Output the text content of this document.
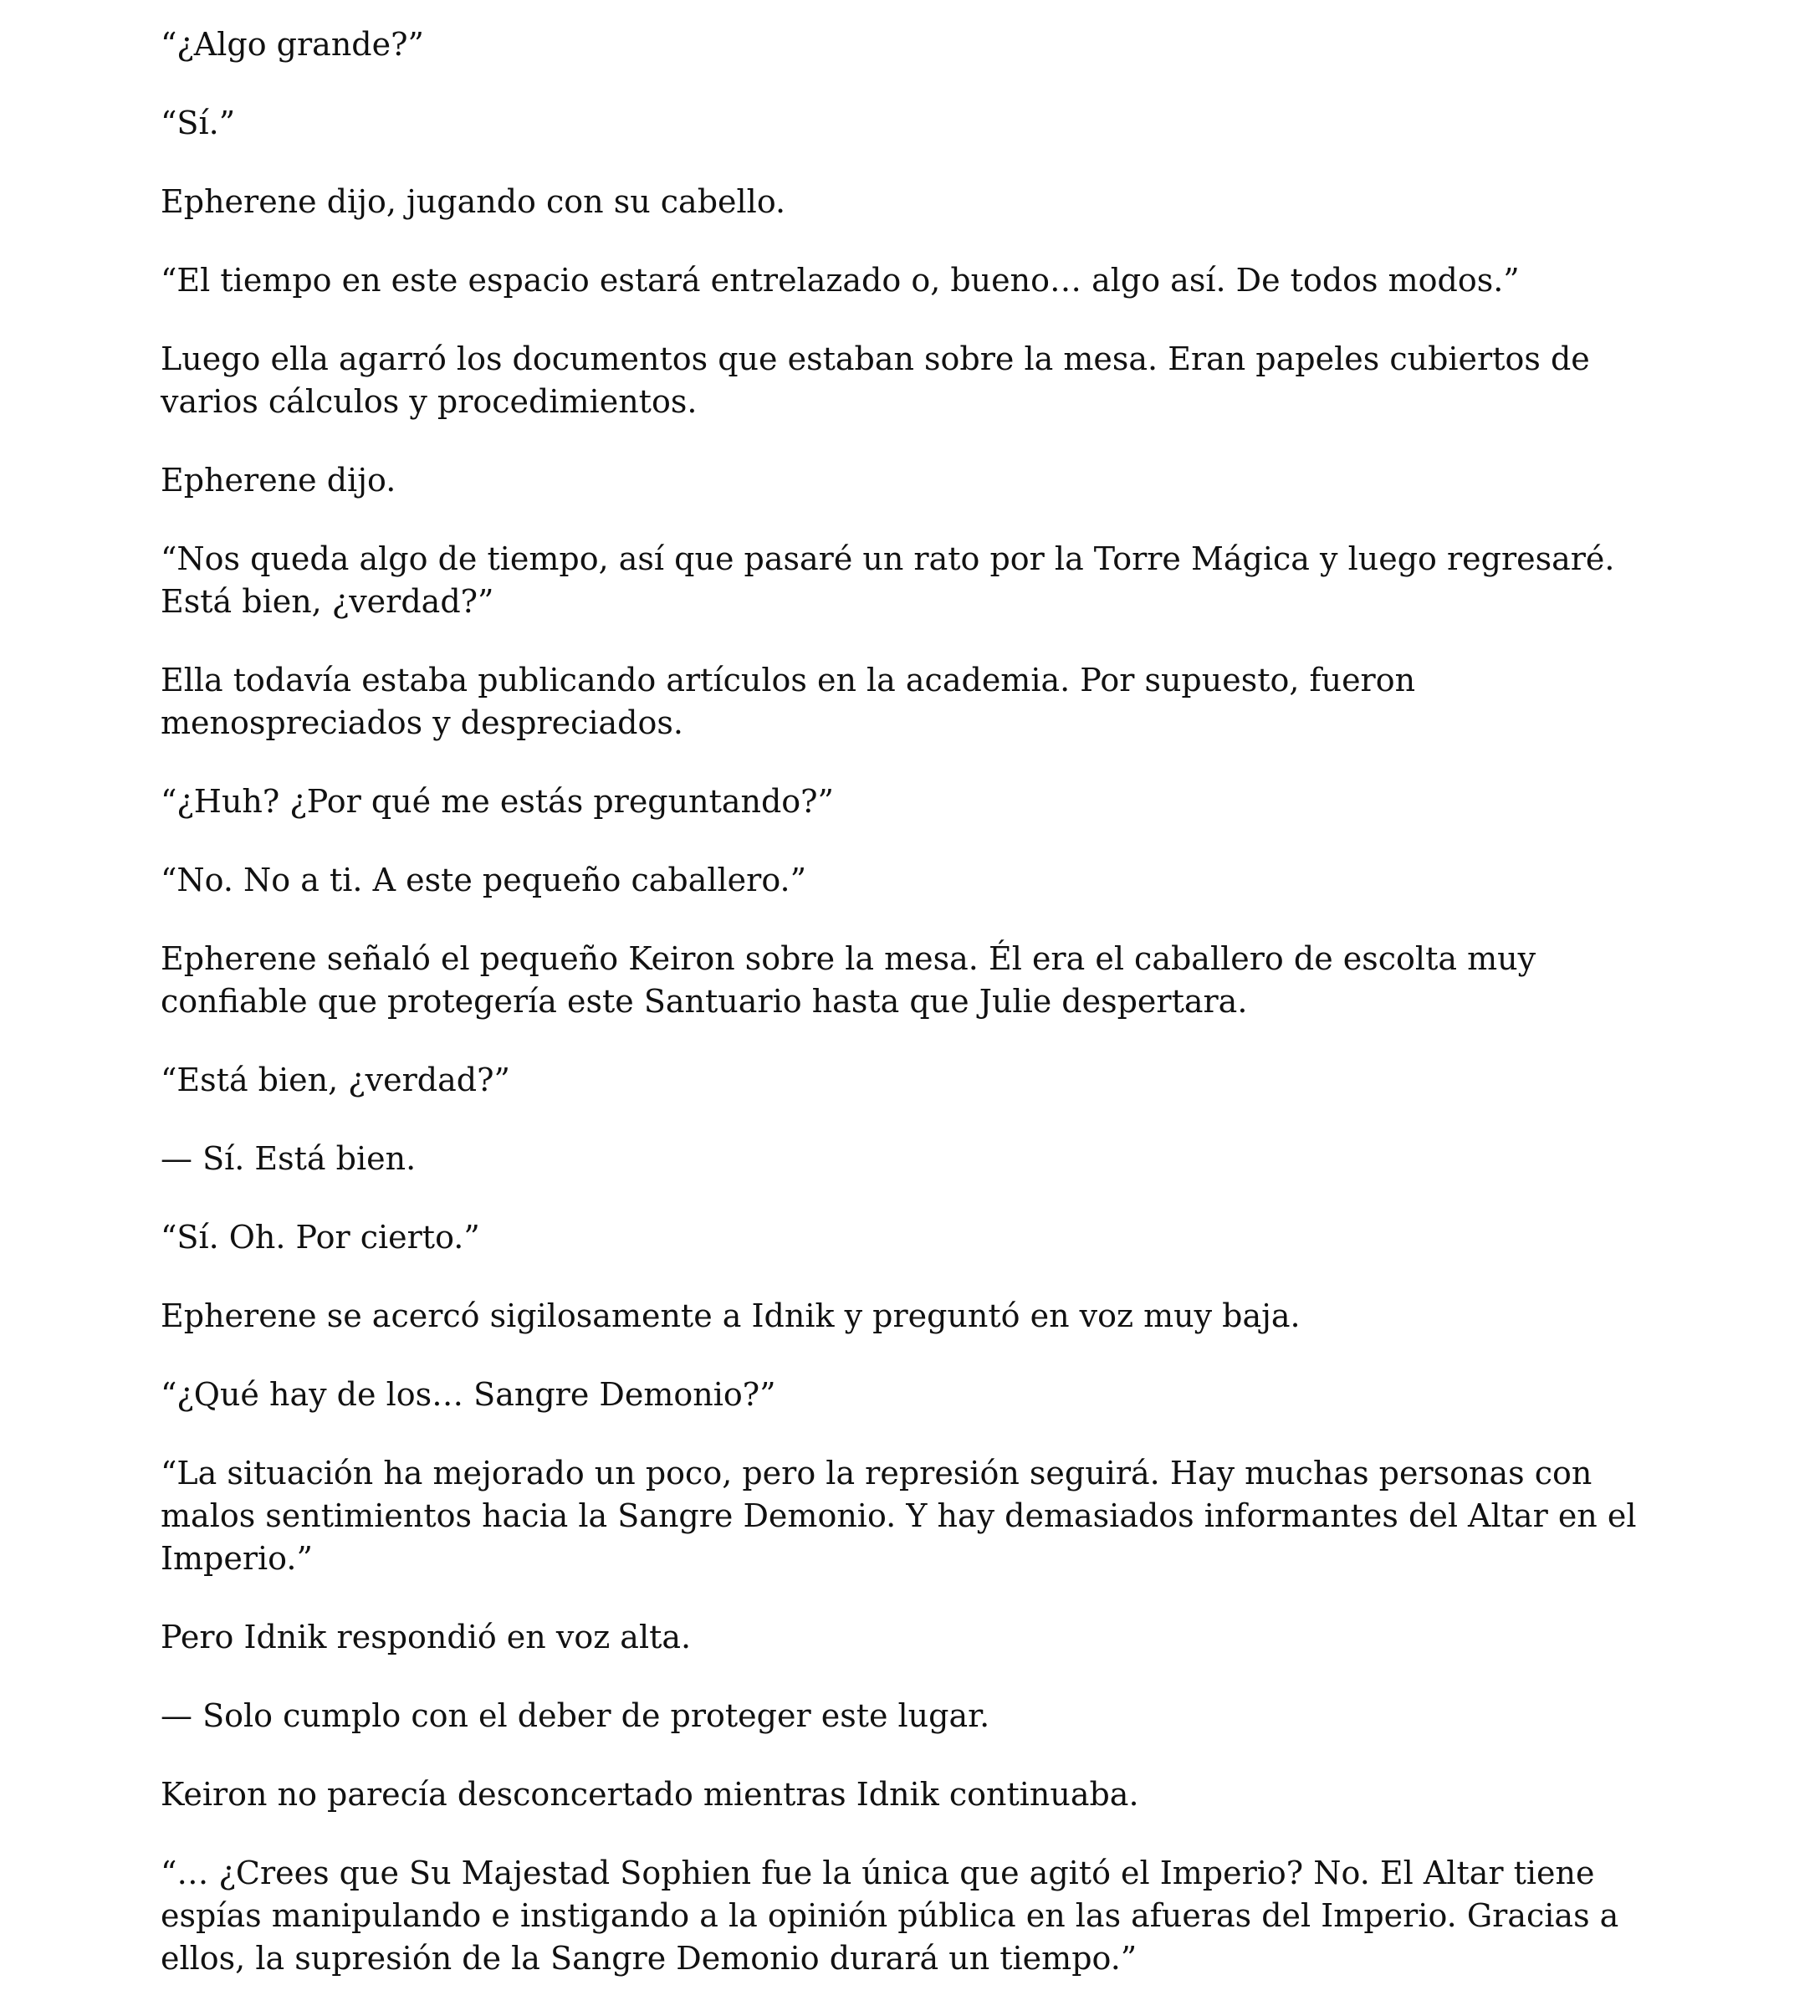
“¿Algo grande?”

“Sí.”

Epherene dijo, jugando con su cabello.

“El tiempo en este espacio estará entrelazado o, bueno… algo así. De todos modos.”

Luego ella agarró los documentos que estaban sobre la mesa. Eran papeles cubiertos de varios cálculos y procedimientos.

Epherene dijo.

“Nos queda algo de tiempo, así que pasaré un rato por la Torre Mágica y luego regresaré. Está bien, ¿verdad?”

Ella todavía estaba publicando artículos en la academia. Por supuesto, fueron menospreciados y despreciados.

“¿Huh? ¿Por qué me estás preguntando?”

“No. No a ti. A este pequeño caballero.”

Epherene señaló el pequeño Keiron sobre la mesa. Él era el caballero de escolta muy confiable que protegería este Santuario hasta que Julie despertara.

“Está bien, ¿verdad?”

— Sí. Está bien.

“Sí. Oh. Por cierto.”

Epherene se acercó sigilosamente a Idnik y preguntó en voz muy baja.

“¿Qué hay de los… Sangre Demonio?”

“La situación ha mejorado un poco, pero la represión seguirá. Hay muchas personas con malos sentimientos hacia la Sangre Demonio. Y hay demasiados informantes del Altar en el Imperio.”

Pero Idnik respondió en voz alta.

— Solo cumplo con el deber de proteger este lugar.

Keiron no parecía desconcertado mientras Idnik continuaba.

“… ¿Crees que Su Majestad Sophien fue la única que agitó el Imperio? No. El Altar tiene espías manipulando e instigando a la opinión pública en las afueras del Imperio. Gracias a ellos, la supresión de la Sangre Demonio durará un tiempo.”
